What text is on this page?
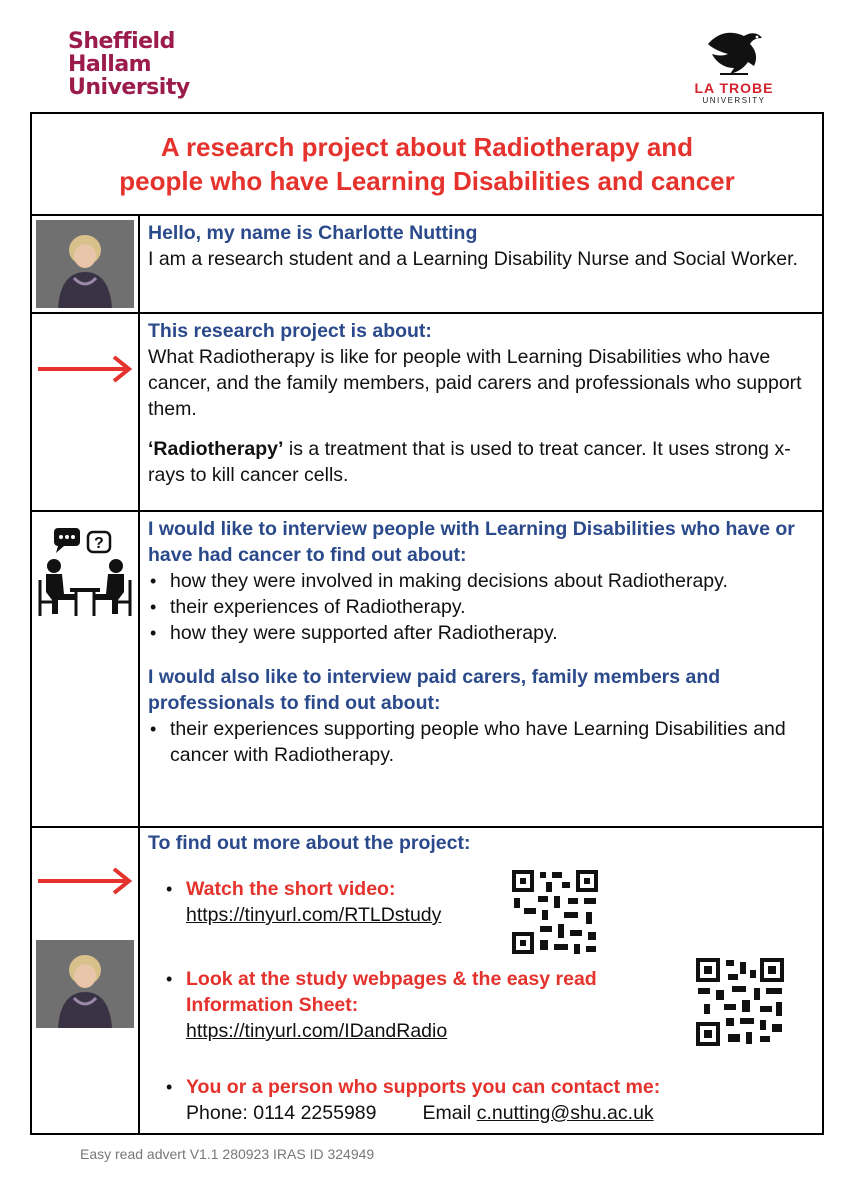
Sheffield
Hallam
University	LA TROBE
UNIVERSITY
A research project about Radiotherapy and
people who have Learning Disabilities and cancer

Hello, my name is Charlotte Nutting

I am a research student and a Learning Disability Nurse and Social Worker.

This research project is about:

What Radiotherapy is like for people with Learning Disabilities who have cancer, and the family members, paid carers and professionals who support them.

‘Radiotherapy’ is a treatment that is used to treat cancer. It uses strong x-rays to kill cancer cells.

?

I would like to interview people with Learning Disabilities who have or have had cancer to find out about:

• how they were involved in making decisions about Radiotherapy.
• their experiences of Radiotherapy.
• how they were supported after Radiotherapy.

I would also like to interview paid carers, family members and professionals to find out about:

• their experiences supporting people who have Learning Disabilities and cancer with Radiotherapy.

To find out more about the project:

• Watch the short video:
https://tinyurl.com/RTLDstudy
• Look at the study webpages & the easy read Information Sheet:
https://tinyurl.com/IDandRadio
• You or a person who supports you can contact me:
Phone: 0114 2255989 Email c.nutting@shu.ac.uk
Easy read advert V1.1 280923 IRAS ID 324949
